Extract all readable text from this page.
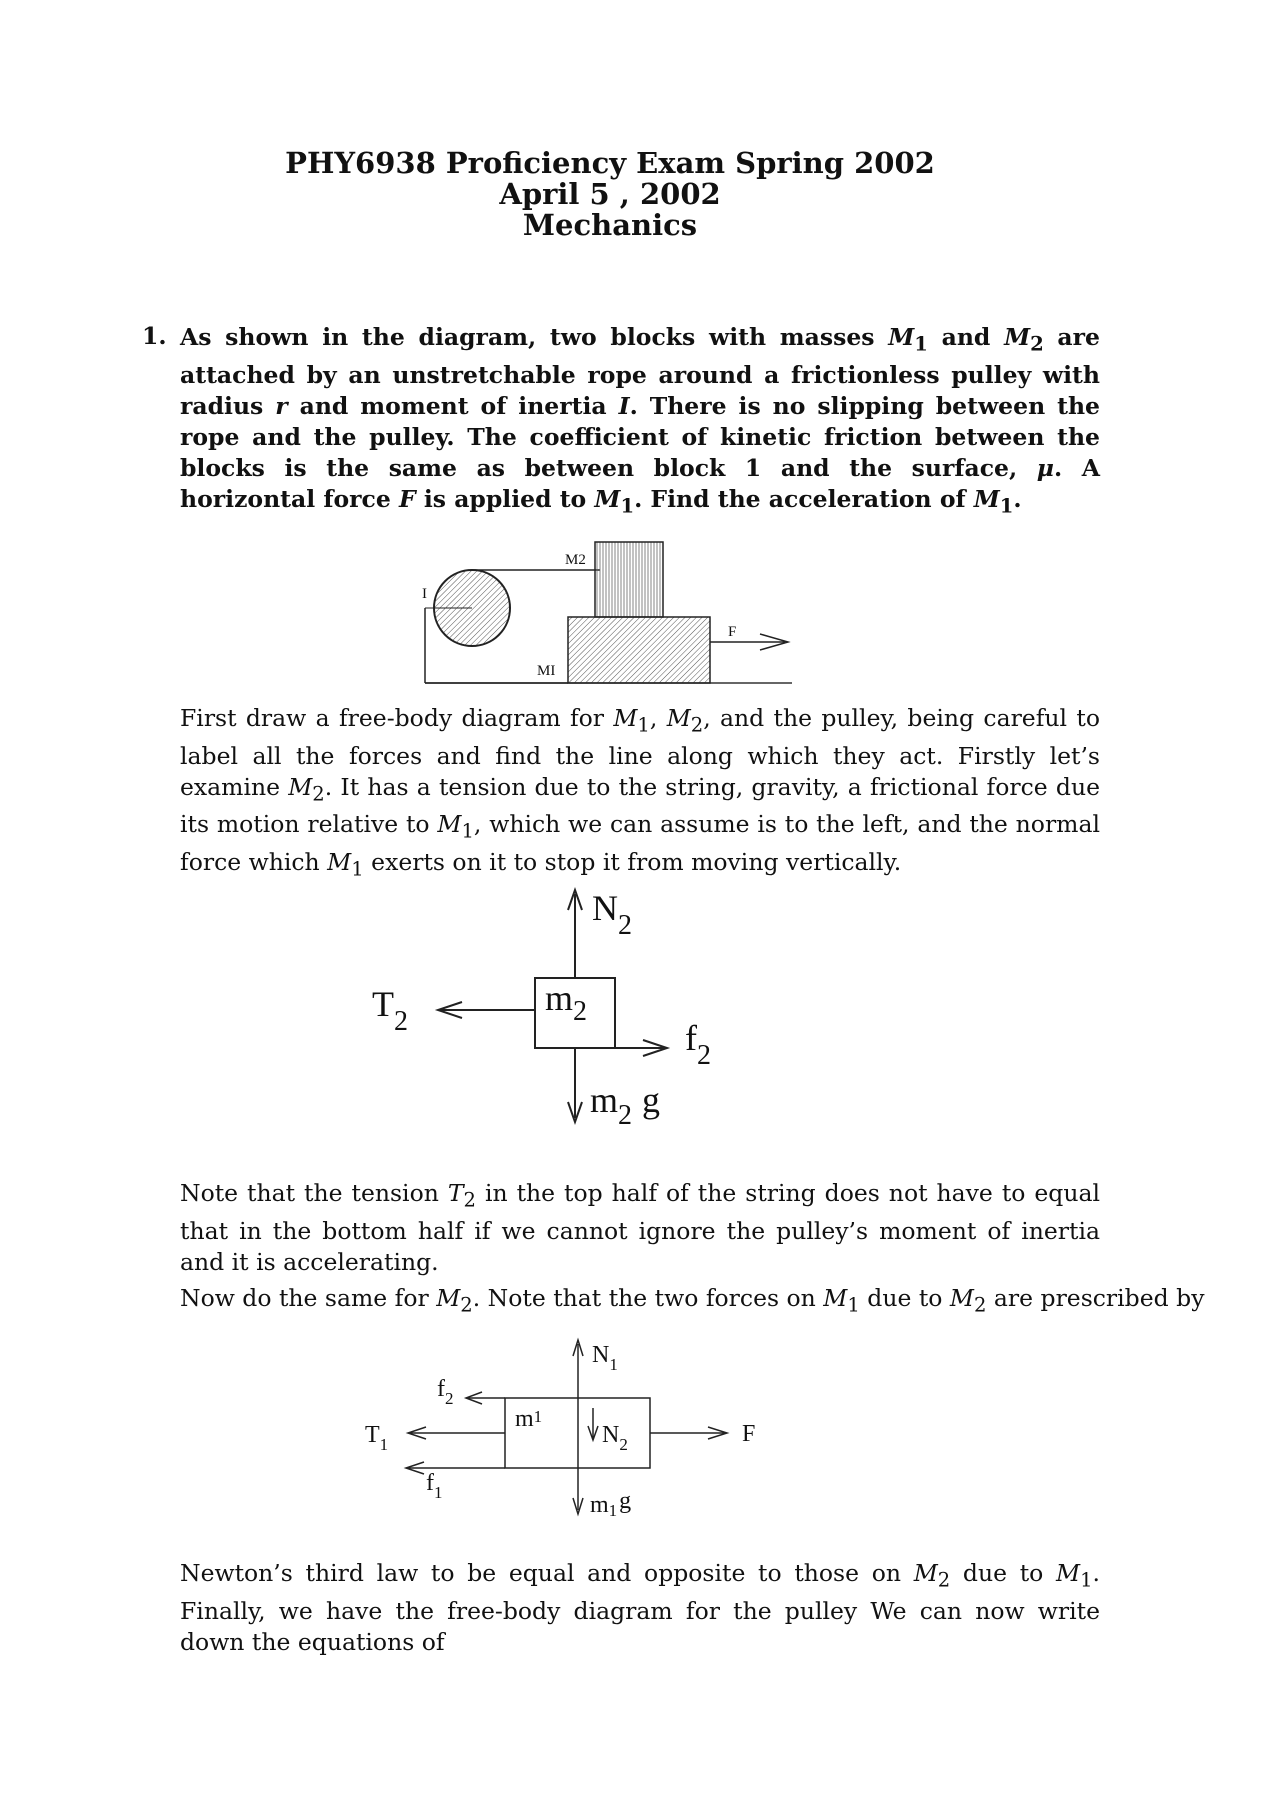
PHY6938 Proficiency Exam Spring 2002
April 5 , 2002
Mechanics
1. As shown in the diagram, two blocks with masses $M_1$ and $M_2$ are attached by an unstretchable rope around a frictionless pulley with radius r and moment of inertia I. There is no slipping between the rope and the pulley. The coefficient of kinetic friction between the blocks is the same as between block 1 and the surface, μ. A horizontal force F is applied to $M_1$. Find the acceleration of $M_1$.
I
M2
MI
F
First draw a free-body diagram for $M_1$, $M_2$, and the pulley, being careful to label all the forces and find the line along which they act. Firstly let’s examine $M_2$. It has a tension due to the string, gravity, a frictional force due its motion relative to $M_1$, which we can assume is to the left, and the normal force which $M_1$ exerts on it to stop it from moving vertically.
$N_2$
$T_2$
$m_2$
$f_2$
$m_2$ g
Note that the tension $T_2$ in the top half of the string does not have to equal that in the bottom half if we cannot ignore the pulley’s moment of inertia and it is accelerating.
Now do the same for $M_2$. Note that the two forces on $M_1$ due to $M_2$ are prescribed by
$N_1$
$f_2$
m1
$N_2$
$T_1$	F
$f_1$	m1g
Newton’s third law to be equal and opposite to those on $M_2$ due to $M_1$. Finally, we have the free-body diagram for the pulley We can now write down the equations of
